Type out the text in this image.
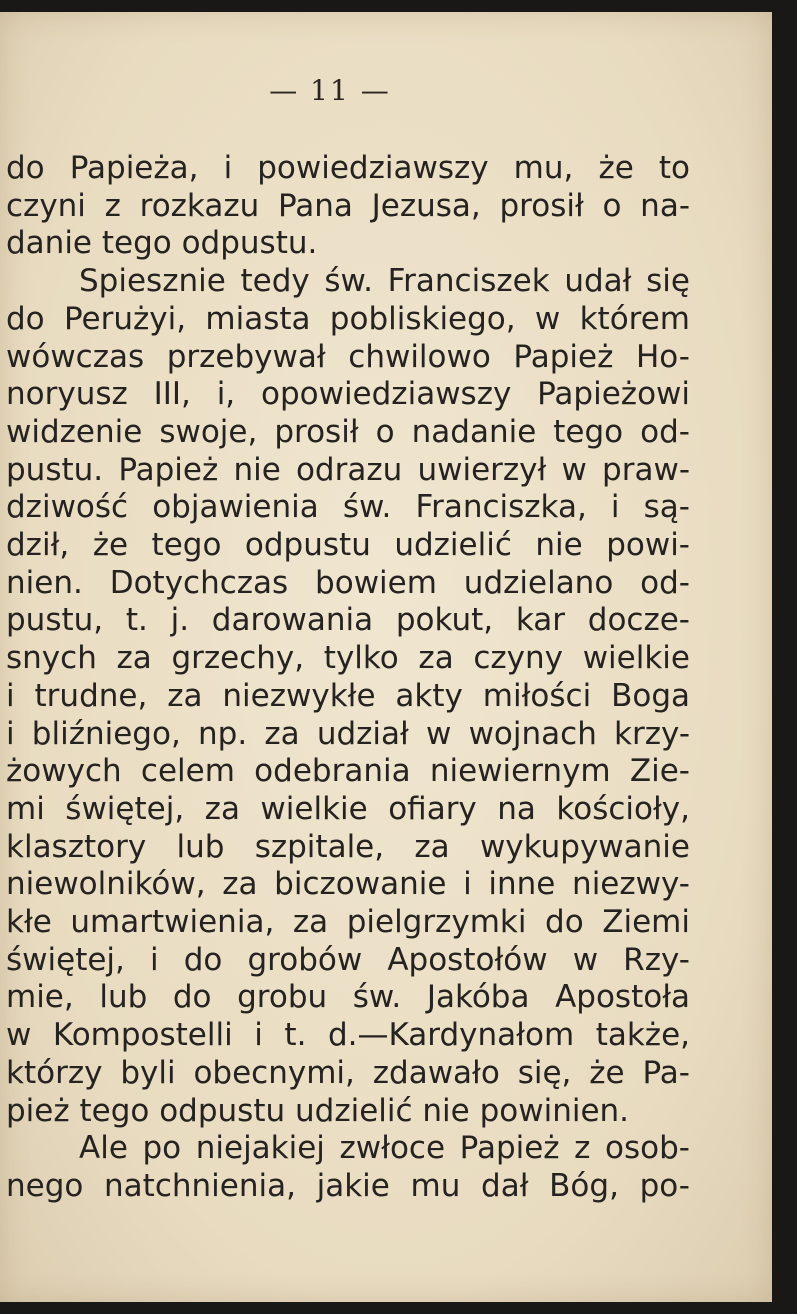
— 11 —
do Papieża, i powiedziawszy mu, że to
czyni z rozkazu Pana Jezusa, prosił o na-
danie tego odpustu.
Spiesznie tedy św. Franciszek udał się
do Perużyi, miasta pobliskiego, w którem
wówczas przebywał chwilowo Papież Ho-
noryusz III, i, opowiedziawszy Papieżowi
widzenie swoje, prosił o nadanie tego od-
pustu. Papież nie odrazu uwierzył w praw-
dziwość objawienia św. Franciszka, i są-
dził, że tego odpustu udzielić nie powi-
nien. Dotychczas bowiem udzielano od-
pustu, t. j. darowania pokut, kar docze-
snych za grzechy, tylko za czyny wielkie
i trudne, za niezwykłe akty miłości Boga
i bliźniego, np. za udział w wojnach krzy-
żowych celem odebrania niewiernym Zie-
mi świętej, za wielkie ofiary na kościoły,
klasztory lub szpitale, za wykupywanie
niewolników, za biczowanie i inne niezwy-
kłe umartwienia, za pielgrzymki do Ziemi
świętej, i do grobów Apostołów w Rzy-
mie, lub do grobu św. Jakóba Apostoła
w Kompostelli i t. d.—Kardynałom także,
którzy byli obecnymi, zdawało się, że Pa-
pież tego odpustu udzielić nie powinien.
Ale po niejakiej zwłoce Papież z osob-
nego natchnienia, jakie mu dał Bóg, po-
